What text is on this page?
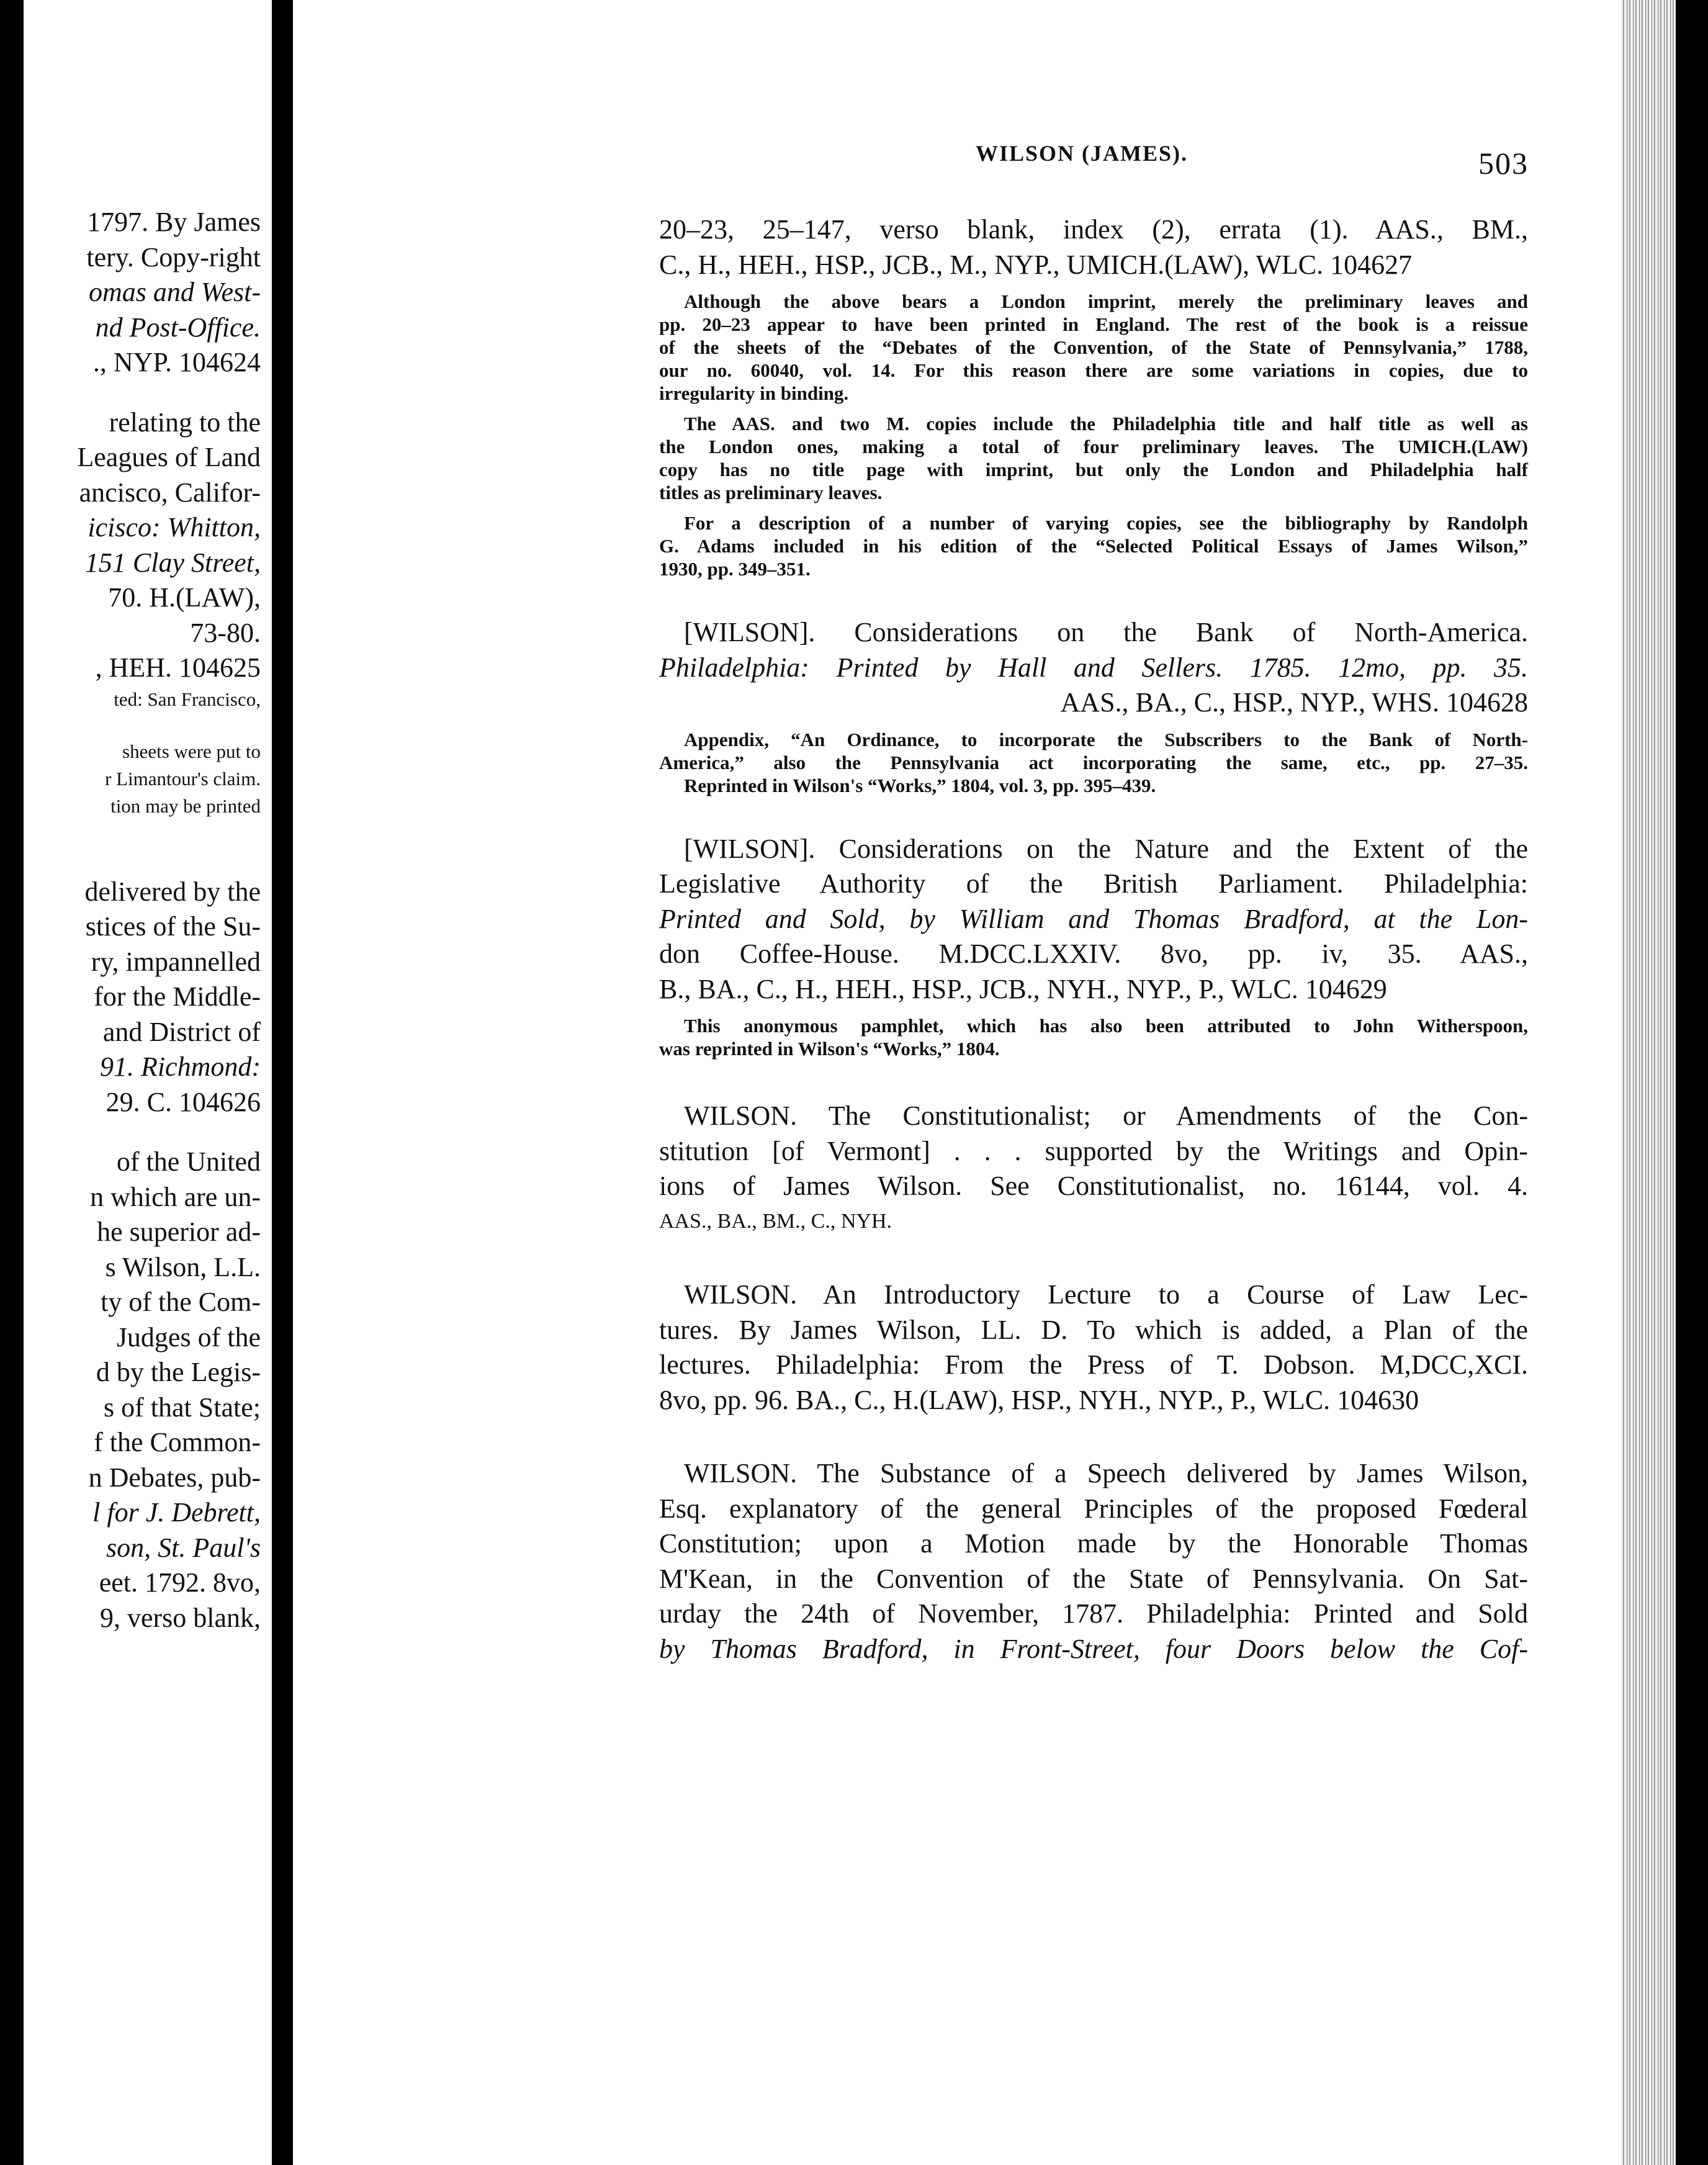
1797. By James
tery. Copy-right
omas and West-
nd Post-Office.
., NYP. 104624
relating to the
Leagues of Land
ancisco, Califor-
icisco: Whitton,
151 Clay Street,
70. H.(LAW),
73-80.
, HEH. 104625
ted: San Francisco,
sheets were put to
r Limantour's claim.
tion may be printed
delivered by the
stices of the Su-
ry, impannelled
for the Middle-
and District of
91. Richmond:
29. C. 104626
of the United
n which are un-
he superior ad-
s Wilson, L.L.
ty of the Com-
Judges of the
d by the Legis-
s of that State;
f the Common-
n Debates, pub-
l for J. Debrett,
son, St. Paul's
eet. 1792. 8vo,
9, verso blank,
WILSON (JAMES).	503
20–23, 25–147, verso blank, index (2), errata (1). AAS., BM.,
C., H., HEH., HSP., JCB., M., NYP., UMICH.(LAW), WLC. 104627
Although the above bears a London imprint, merely the preliminary leaves and
pp. 20–23 appear to have been printed in England. The rest of the book is a reissue
of the sheets of the “Debates of the Convention, of the State of Pennsylvania,” 1788,
our no. 60040, vol. 14. For this reason there are some variations in copies, due to
irregularity in binding.
The AAS. and two M. copies include the Philadelphia title and half title as well as
the London ones, making a total of four preliminary leaves. The UMICH.(LAW)
copy has no title page with imprint, but only the London and Philadelphia half
titles as preliminary leaves.
For a description of a number of varying copies, see the bibliography by Randolph
G. Adams included in his edition of the “Selected Political Essays of James Wilson,”
1930, pp. 349–351.
[WILSON]. Considerations on the Bank of North-America.
Philadelphia: Printed by Hall and Sellers. 1785. 12mo, pp. 35.
AAS., BA., C., HSP., NYP., WHS. 104628
Appendix, “An Ordinance, to incorporate the Subscribers to the Bank of North-
America,” also the Pennsylvania act incorporating the same, etc., pp. 27–35.
Reprinted in Wilson's “Works,” 1804, vol. 3, pp. 395–439.
[WILSON]. Considerations on the Nature and the Extent of the
Legislative Authority of the British Parliament. Philadelphia:
Printed and Sold, by William and Thomas Bradford, at the Lon-
don Coffee-House. M.DCC.LXXIV. 8vo, pp. iv, 35. AAS.,
B., BA., C., H., HEH., HSP., JCB., NYH., NYP., P., WLC. 104629
This anonymous pamphlet, which has also been attributed to John Witherspoon,
was reprinted in Wilson's “Works,” 1804.
WILSON. The Constitutionalist; or Amendments of the Con-
stitution [of Vermont] . . . supported by the Writings and Opin-
ions of James Wilson. See Constitutionalist, no. 16144, vol. 4.
AAS., BA., BM., C., NYH.
WILSON. An Introductory Lecture to a Course of Law Lec-
tures. By James Wilson, LL. D. To which is added, a Plan of the
lectures. Philadelphia: From the Press of T. Dobson. M,DCC,XCI.
8vo, pp. 96. BA., C., H.(LAW), HSP., NYH., NYP., P., WLC. 104630
WILSON. The Substance of a Speech delivered by James Wilson,
Esq. explanatory of the general Principles of the proposed Fœderal
Constitution; upon a Motion made by the Honorable Thomas
M'Kean, in the Convention of the State of Pennsylvania. On Sat-
urday the 24th of November, 1787. Philadelphia: Printed and Sold
by Thomas Bradford, in Front-Street, four Doors below the Cof-
